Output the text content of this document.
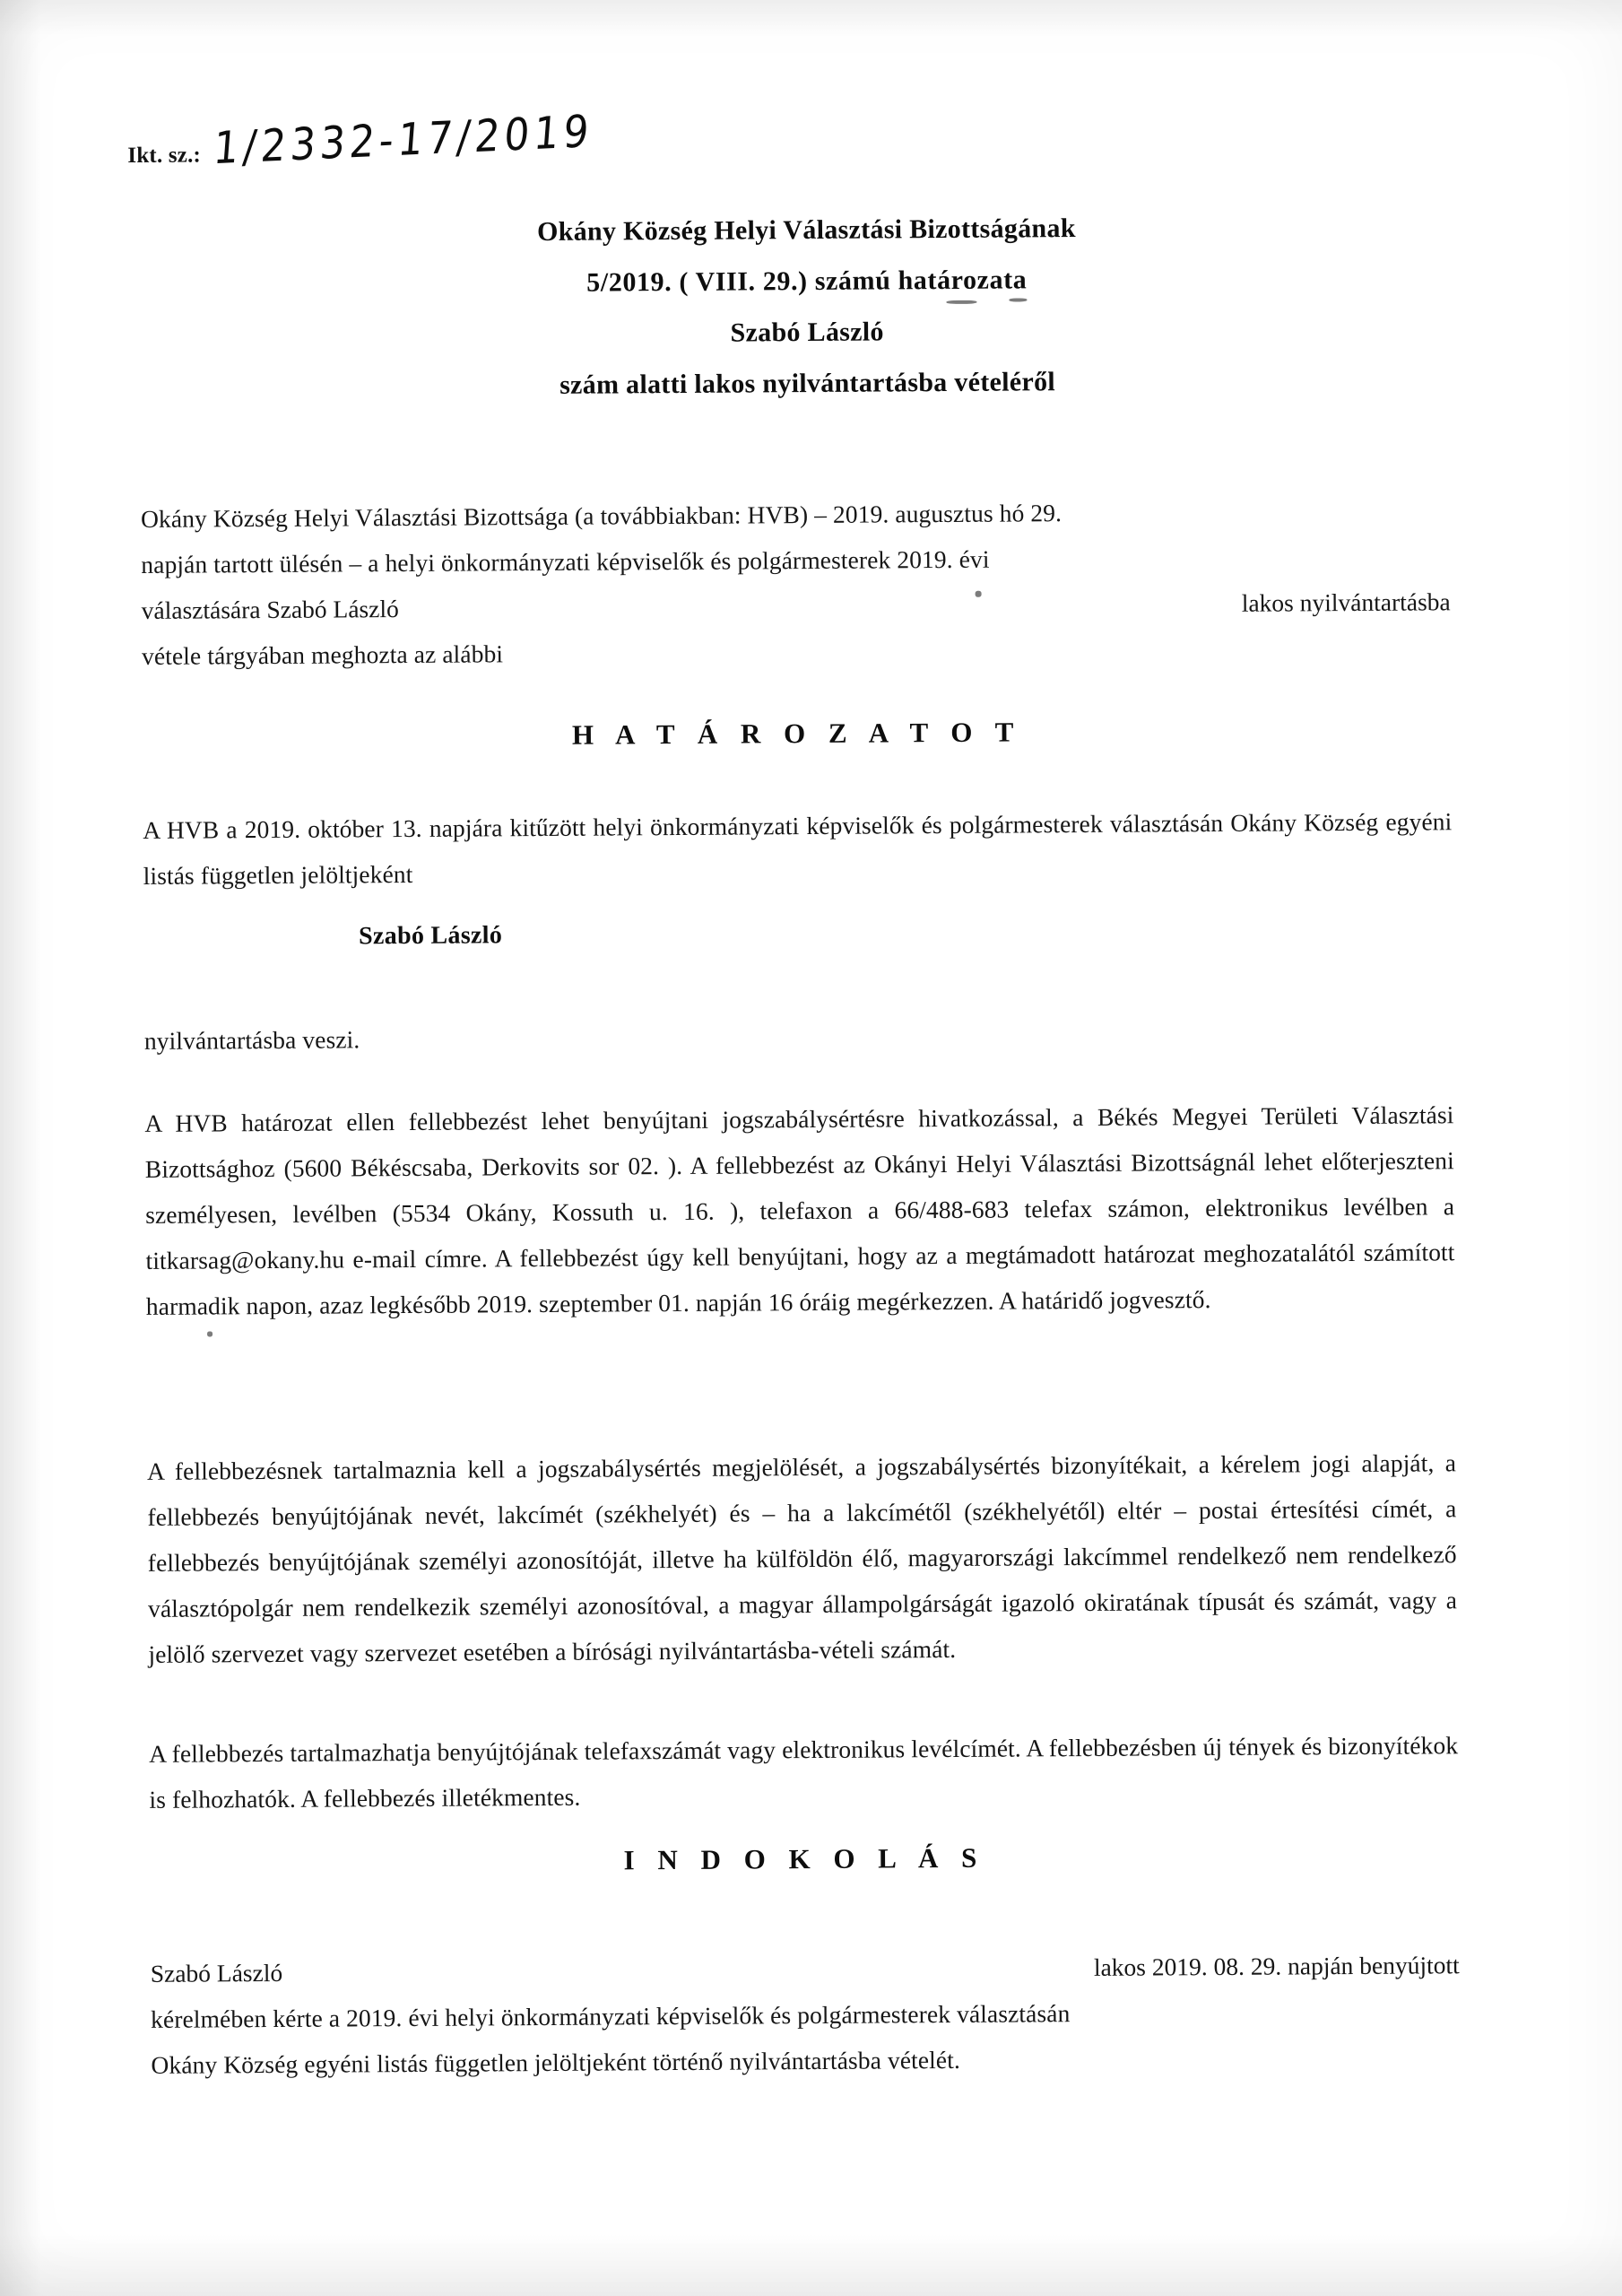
Ikt. sz.: 1/2332-17/2019
Okány Község Helyi Választási Bizottságának
5/2019. ( VIII. 29.) számú határozata
Szabó László
szám alatti lakos nyilvántartásba vételéről

Okány Község Helyi Választási Bizottsága (a továbbiakban: HVB) – 2019. augusztus hó 29.

napján tartott ülésén – a helyi önkormányzati képviselők és polgármesterek 2019. évi

választására Szabó László	lakos nyilvántartásba

vétele tárgyában meghozta az alábbi

H A T Á R O Z A T O T

A HVB a 2019. október 13. napjára kitűzött helyi önkormányzati képviselők és polgármesterek választásán Okány Község egyéni listás független jelöltjeként

Szabó László

nyilvántartásba veszi.

A HVB határozat ellen fellebbezést lehet benyújtani jogszabálysértésre hivatkozással, a Békés Megyei Területi Választási Bizottsághoz (5600 Békéscsaba, Derkovits sor 02. ). A fellebbezést az Okányi Helyi Választási Bizottságnál lehet előterjeszteni személyesen, levélben (5534 Okány, Kossuth u. 16. ), telefaxon a 66/488-683 telefax számon, elektronikus levélben a titkarsag@okany.hu e-mail címre. A fellebbezést úgy kell benyújtani, hogy az a megtámadott határozat meghozatalától számított harmadik napon, azaz legkésőbb 2019. szeptember 01. napján 16 óráig megérkezzen. A határidő jogvesztő.

A fellebbezésnek tartalmaznia kell a jogszabálysértés megjelölését, a jogszabálysértés bizonyítékait, a kérelem jogi alapját, a fellebbezés benyújtójának nevét, lakcímét (székhelyét) és – ha a lakcímétől (székhelyétől) eltér – postai értesítési címét, a fellebbezés benyújtójának személyi azonosítóját, illetve ha külföldön élő, magyarországi lakcímmel rendelkező nem rendelkező választópolgár nem rendelkezik személyi azonosítóval, a magyar állampolgárságát igazoló okiratának típusát és számát, vagy a jelölő szervezet vagy szervezet esetében a bírósági nyilvántartásba-vételi számát.

A fellebbezés tartalmazhatja benyújtójának telefaxszámát vagy elektronikus levélcímét. A fellebbezésben új tények és bizonyítékok is felhozhatók. A fellebbezés illetékmentes.

I N D O K O L Á S
Szabó László	lakos 2019. 08. 29. napján benyújtott

kérelmében kérte a 2019. évi helyi önkormányzati képviselők és polgármesterek választásán

Okány Község egyéni listás független jelöltjeként történő nyilvántartásba vételét.
